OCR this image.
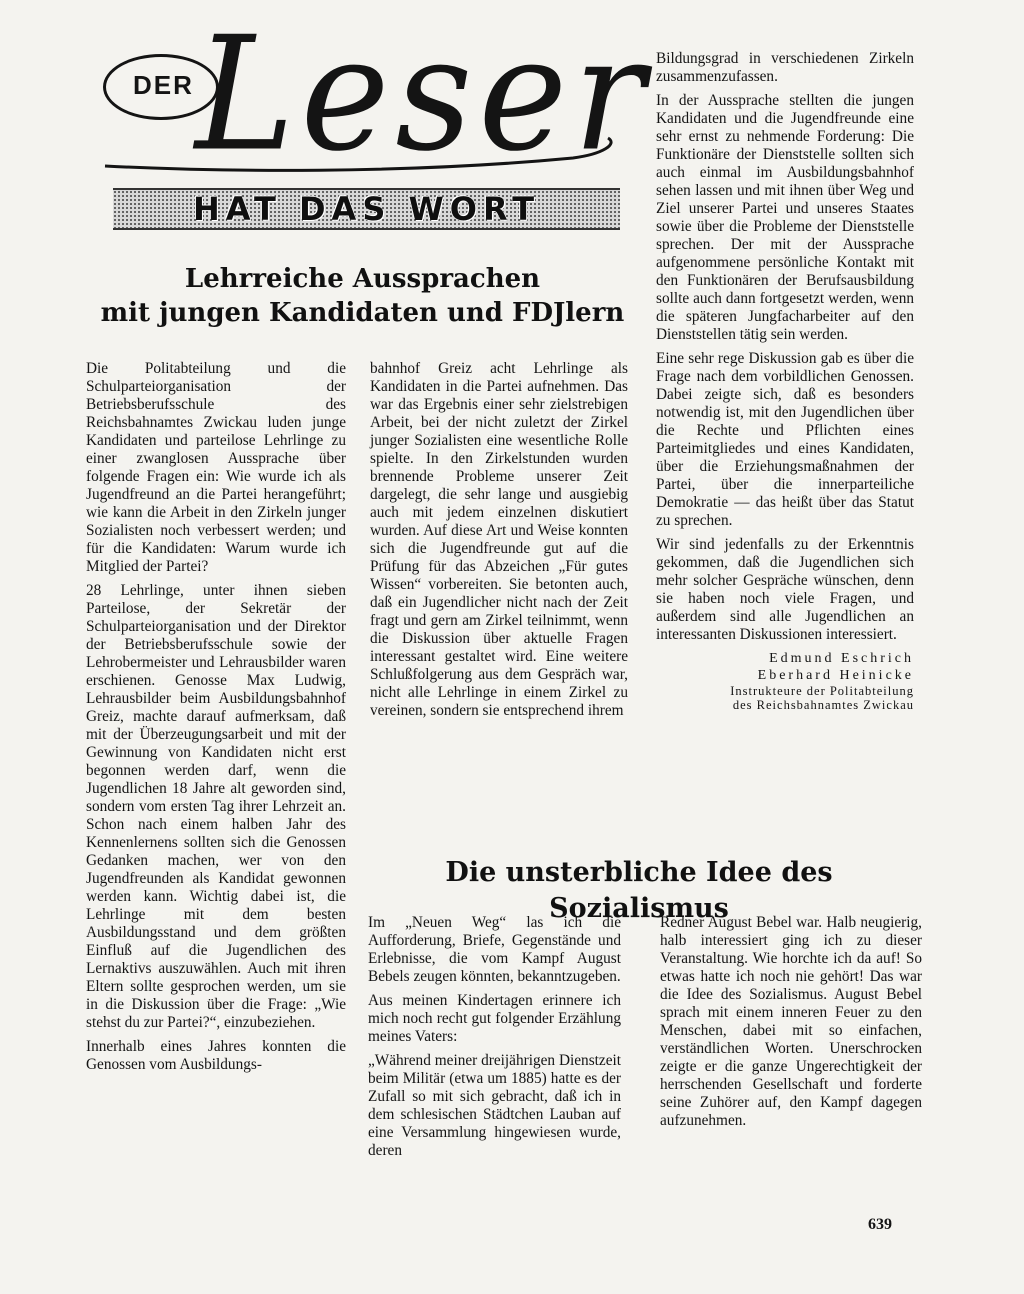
DER Leser
HAT DAS WORT
Lehrreiche Aussprachen
mit jungen Kandidaten und FDJlern

Die Politabteilung und die Schulparteiorganisation der Betriebsberufsschule des Reichsbahnamtes Zwickau luden junge Kandidaten und parteilose Lehrlinge zu einer zwanglosen Aussprache über folgende Fragen ein: Wie wurde ich als Jugendfreund an die Partei herangeführt; wie kann die Arbeit in den Zirkeln junger Sozialisten noch verbessert werden; und für die Kandidaten: Warum wurde ich Mitglied der Partei?

28 Lehrlinge, unter ihnen sieben Parteilose, der Sekretär der Schulparteiorganisation und der Direktor der Betriebsberufsschule sowie der Lehrobermeister und Lehrausbilder waren erschienen. Genosse Max Ludwig, Lehrausbilder beim Ausbildungsbahnhof Greiz, machte darauf aufmerksam, daß mit der Überzeugungsarbeit und mit der Gewinnung von Kandidaten nicht erst begonnen werden darf, wenn die Jugendlichen 18 Jahre alt geworden sind, sondern vom ersten Tag ihrer Lehrzeit an. Schon nach einem halben Jahr des Kennenlernens sollten sich die Genossen Gedanken machen, wer von den Jugendfreunden als Kandidat gewonnen werden kann. Wichtig dabei ist, die Lehrlinge mit dem besten Ausbildungsstand und dem größten Einfluß auf die Jugendlichen des Lernaktivs auszuwählen. Auch mit ihren Eltern sollte gesprochen werden, um sie in die Diskussion über die Frage: „Wie stehst du zur Partei?“, einzubeziehen.

Innerhalb eines Jahres konnten die Genossen vom Ausbildungs-

bahnhof Greiz acht Lehrlinge als Kandidaten in die Partei aufnehmen. Das war das Ergebnis einer sehr zielstrebigen Arbeit, bei der nicht zuletzt der Zirkel junger Sozialisten eine wesentliche Rolle spielte. In den Zirkelstunden wurden brennende Probleme unserer Zeit dargelegt, die sehr lange und ausgiebig auch mit jedem einzelnen diskutiert wurden. Auf diese Art und Weise konnten sich die Jugendfreunde gut auf die Prüfung für das Abzeichen „Für gutes Wissen“ vorbereiten. Sie betonten auch, daß ein Jugendlicher nicht nach der Zeit fragt und gern am Zirkel teilnimmt, wenn die Diskussion über aktuelle Fragen interessant gestaltet wird. Eine weitere Schlußfolgerung aus dem Gespräch war, nicht alle Lehrlinge in einem Zirkel zu vereinen, sondern sie entsprechend ihrem

Bildungsgrad in verschiedenen Zirkeln zusammenzufassen.

In der Aussprache stellten die jungen Kandidaten und die Jugendfreunde eine sehr ernst zu nehmende Forderung: Die Funktionäre der Dienststelle sollten sich auch einmal im Ausbildungsbahnhof sehen lassen und mit ihnen über Weg und Ziel unserer Partei und unseres Staates sowie über die Probleme der Dienststelle sprechen. Der mit der Aussprache aufgenommene persönliche Kontakt mit den Funktionären der Berufsausbildung sollte auch dann fortgesetzt werden, wenn die späteren Jungfacharbeiter auf den Dienststellen tätig sein werden.

Eine sehr rege Diskussion gab es über die Frage nach dem vorbildlichen Genossen. Dabei zeigte sich, daß es besonders notwendig ist, mit den Jugendlichen über die Rechte und Pflichten eines Parteimitgliedes und eines Kandidaten, über die Erziehungsmaßnahmen der Partei, über die innerparteiliche Demokratie — das heißt über das Statut zu sprechen.

Wir sind jedenfalls zu der Erkenntnis gekommen, daß die Jugendlichen sich mehr solcher Gespräche wünschen, denn sie haben noch viele Fragen, und außerdem sind alle Jugendlichen an interessanten Diskussionen interessiert.

Edmund Eschrich
Eberhard Heinicke
Instrukteure der Politabteilung
des Reichsbahnamtes Zwickau
Die unsterbliche Idee des Sozialismus

Im „Neuen Weg“ las ich die Aufforderung, Briefe, Gegenstände und Erlebnisse, die vom Kampf August Bebels zeugen könnten, bekanntzugeben.

Aus meinen Kindertagen erinnere ich mich noch recht gut folgender Erzählung meines Vaters:

„Während meiner dreijährigen Dienstzeit beim Militär (etwa um 1885) hatte es der Zufall so mit sich gebracht, daß ich in dem schlesischen Städtchen Lauban auf eine Versammlung hingewiesen wurde, deren

Redner August Bebel war. Halb neugierig, halb interessiert ging ich zu dieser Veranstaltung. Wie horchte ich da auf! So etwas hatte ich noch nie gehört! Das war die Idee des Sozialismus. August Bebel sprach mit einem inneren Feuer zu den Menschen, dabei mit so einfachen, verständlichen Worten. Unerschrocken zeigte er die ganze Ungerechtigkeit der herrschenden Gesellschaft und forderte seine Zuhörer auf, den Kampf dagegen aufzunehmen.

639
